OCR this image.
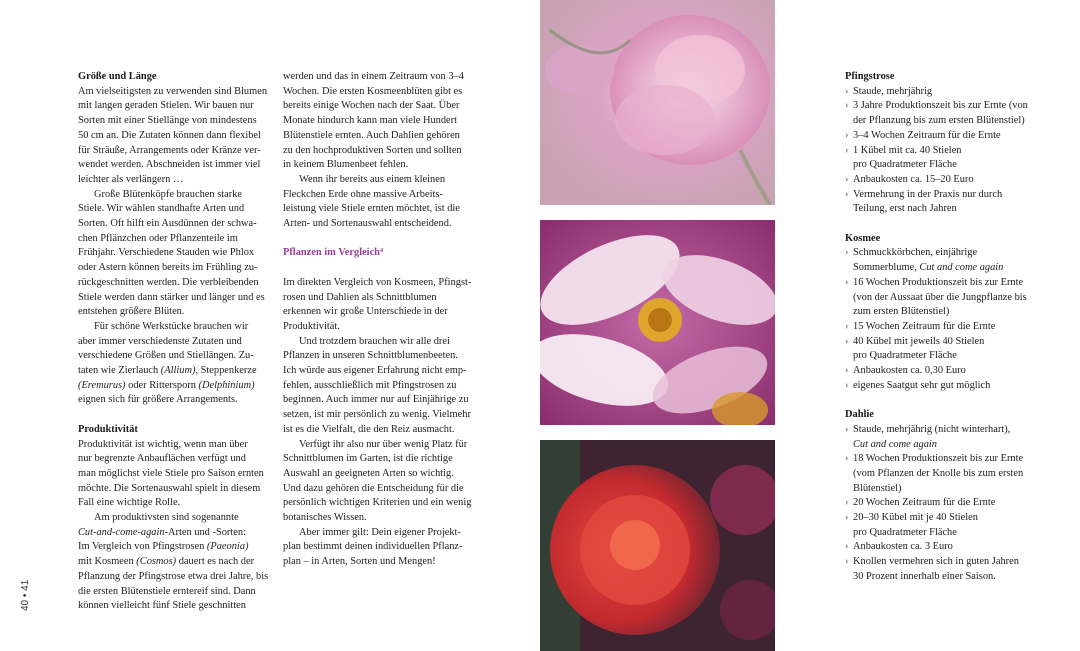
Größe und Länge

Am vielseitigsten zu verwenden sind Blumen
mit langen geraden Stielen. Wir bauen nur
Sorten mit einer Stiellänge von mindestens
50 cm an. Die Zutaten können dann flexibel
für Sträuße, Arrangements oder Kränze ver-
wendet werden. Abschneiden ist immer viel
leichter als verlängern …

Große Blütenköpfe brauchen starke
Stiele. Wir wählen standhafte Arten und
Sorten. Oft hilft ein Ausdünnen der schwa-
chen Pflänzchen oder Pflanzenteile im
Frühjahr. Verschiedene Stauden wie Phlox
oder Astern können bereits im Frühling zu-
rückgeschnitten werden. Die verbleibenden
Stiele werden dann stärker und länger und es
entstehen größere Blüten.

Für schöne Werkstücke brauchen wir
aber immer verschiedenste Zutaten und
verschiedene Größen und Stiellängen. Zu-
taten wie Zierlauch (Allium), Steppenkerze
(Eremurus) oder Rittersporn (Delphinium)
eignen sich für größere Arrangements.

Produktivität

Produktivität ist wichtig, wenn man über
nur begrenzte Anbauflächen verfügt und
man möglichst viele Stiele pro Saison ernten
möchte. Die Sortenauswahl spielt in diesem
Fall eine wichtige Rolle.

Am produktivsten sind sogenannte
Cut-and-come-again-Arten und -Sorten:
Im Vergleich von Pfingstrosen (Paeonia)
mit Kosmeen (Cosmos) dauert es nach der
Pflanzung der Pfingstrose etwa drei Jahre, bis
die ersten Blütenstiele erntereif sind. Dann
können vielleicht fünf Stiele geschnitten

werden und das in einem Zeitraum von 3–4
Wochen. Die ersten Kosmeenblüten gibt es
bereits einige Wochen nach der Saat. Über
Monate hindurch kann man viele Hundert
Blütenstiele ernten. Auch Dahlien gehören
zu den hochproduktiven Sorten und sollten
in keinem Blumenbeet fehlen.

Wenn ihr bereits aus einem kleinen
Fleckchen Erde ohne massive Arbeits-
leistung viele Stiele ernten möchtet, ist die
Arten- und Sortenauswahl entscheidend.

Pflanzen im Vergleich⁴

Im direkten Vergleich von Kosmeen, Pfingst-
rosen und Dahlien als Schnittblumen
erkennen wir große Unterschiede in der
Produktivität.

Und trotzdem brauchen wir alle drei
Pflanzen in unseren Schnittblumenbeeten.
Ich würde aus eigener Erfahrung nicht emp-
fehlen, ausschließlich mit Pfingstrosen zu
beginnen. Auch immer nur auf Einjährige zu
setzen, ist mir persönlich zu wenig. Vielmehr
ist es die Vielfalt, die den Reiz ausmacht.

Verfügt ihr also nur über wenig Platz für
Schnittblumen im Garten, ist die richtige
Auswahl an geeigneten Arten so wichtig.
Und dazu gehören die Entscheidung für die
persönlich wichtigen Kriterien und ein wenig
botanisches Wissen.

Aber immer gilt: Dein eigener Projekt-
plan bestimmt deinen individuellen Pflanz-
plan – in Arten, Sorten und Mengen!

Pfingstrose
› Staude, mehrjährig
› 3 Jahre Produktionszeit bis zur Ernte (von
der Pflanzung bis zum ersten Blütenstiel)
› 3–4 Wochen Zeitraum für die Ernte
› 1 Kübel mit ca. 40 Stielen
pro Quadratmeter Fläche
› Anbaukosten ca. 15–20 Euro
› Vermehrung in der Praxis nur durch
Teilung, erst nach Jahren
Kosmee
› Schmuckkörbchen, einjährige
Sommerblume, Cut and come again
› 16 Wochen Produktionszeit bis zur Ernte
(von der Aussaat über die Jungpflanze bis
zum ersten Blütenstiel)
› 15 Wochen Zeitraum für die Ernte
› 40 Kübel mit jeweils 40 Stielen
pro Quadratmeter Fläche
› Anbaukosten ca. 0,30 Euro
› eigenes Saatgut sehr gut möglich
Dahlie
› Staude, mehrjährig (nicht winterhart),
Cut and come again
› 18 Wochen Produktionszeit bis zur Ernte
(vom Pflanzen der Knolle bis zum ersten
Blütenstiel)
› 20 Wochen Zeitraum für die Ernte
› 20–30 Kübel mit je 40 Stielen
pro Quadratmeter Fläche
› Anbaukosten ca. 3 Euro
› Knollen vermehren sich in guten Jahren
30 Prozent innerhalb einer Saison.
40 • 41
